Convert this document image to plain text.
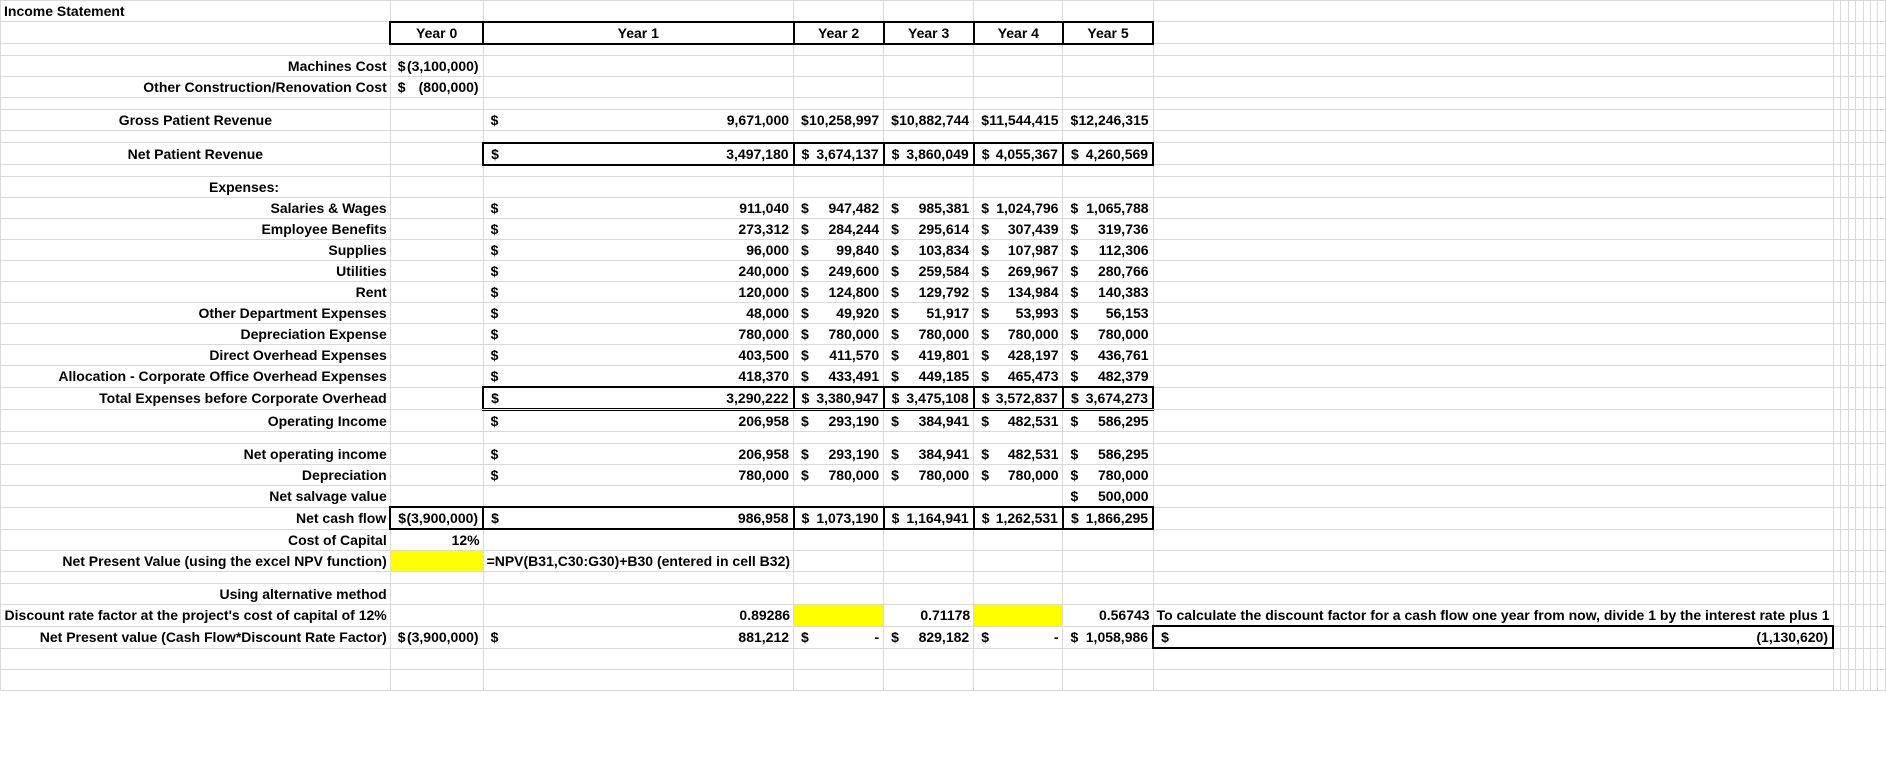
Income Statement														
	Year 0	Year 1	Year 2	Year 3	Year 4	Year 5								

Machines Cost	$ (3,100,000)													

Other Construction/Renovation Cost	$ (800,000)													

Gross Patient Revenue		$ 9,671,000	$ 10,258,997	$ 10,882,744	$ 11,544,415	$ 12,246,315								

Net Patient Revenue		$ 3,497,180	$ 3,674,137	$ 3,860,049	$ 4,055,367	$ 4,260,569								

Expenses:														
Salaries & Wages		$ 911,040	$ 947,482	$ 985,381	$ 1,024,796	$ 1,065,788								

Employee Benefits		$ 273,312	$ 284,244	$ 295,614	$ 307,439	$ 319,736								

Supplies		$ 96,000	$ 99,840	$ 103,834	$ 107,987	$ 112,306								

Utilities		$ 240,000	$ 249,600	$ 259,584	$ 269,967	$ 280,766								

Rent		$ 120,000	$ 124,800	$ 129,792	$ 134,984	$ 140,383								

Other Department Expenses		$ 48,000	$ 49,920	$ 51,917	$ 53,993	$ 56,153								

Depreciation Expense		$ 780,000	$ 780,000	$ 780,000	$ 780,000	$ 780,000								

Direct Overhead Expenses		$ 403,500	$ 411,570	$ 419,801	$ 428,197	$ 436,761								

Allocation - Corporate Office Overhead Expenses		$ 418,370	$ 433,491	$ 449,185	$ 465,473	$ 482,379								

Total Expenses before Corporate Overhead		$ 3,290,222	$ 3,380,947	$ 3,475,108	$ 3,572,837	$ 3,674,273								

Operating Income		$ 206,958	$ 293,190	$ 384,941	$ 482,531	$ 586,295								

Net operating income		$ 206,958	$ 293,190	$ 384,941	$ 482,531	$ 586,295								

Depreciation		$ 780,000	$ 780,000	$ 780,000	$ 780,000	$ 780,000								

Net salvage value						$ 500,000								

Net cash flow	$ (3,900,000)	$ 986,958	$ 1,073,190	$ 1,164,941	$ 1,262,531	$ 1,866,295								

Cost of Capital	12%													
Net Present Value (using the excel NPV function)		=NPV(B31,C30:G30)+B30 (entered in cell B32)												

Using alternative method														
Discount rate factor at the project's cost of capital of 12%		0.89286		0.71178		0.56743	To calculate the discount factor for a cash flow one year from now, divide 1 by the interest rate plus 1							
Net Present value (Cash Flow*Discount Rate Factor)	$ (3,900,000)	$ 881,212	$ -	$ 829,182	$ -	$ 1,058,986	$ (1,130,620)							
